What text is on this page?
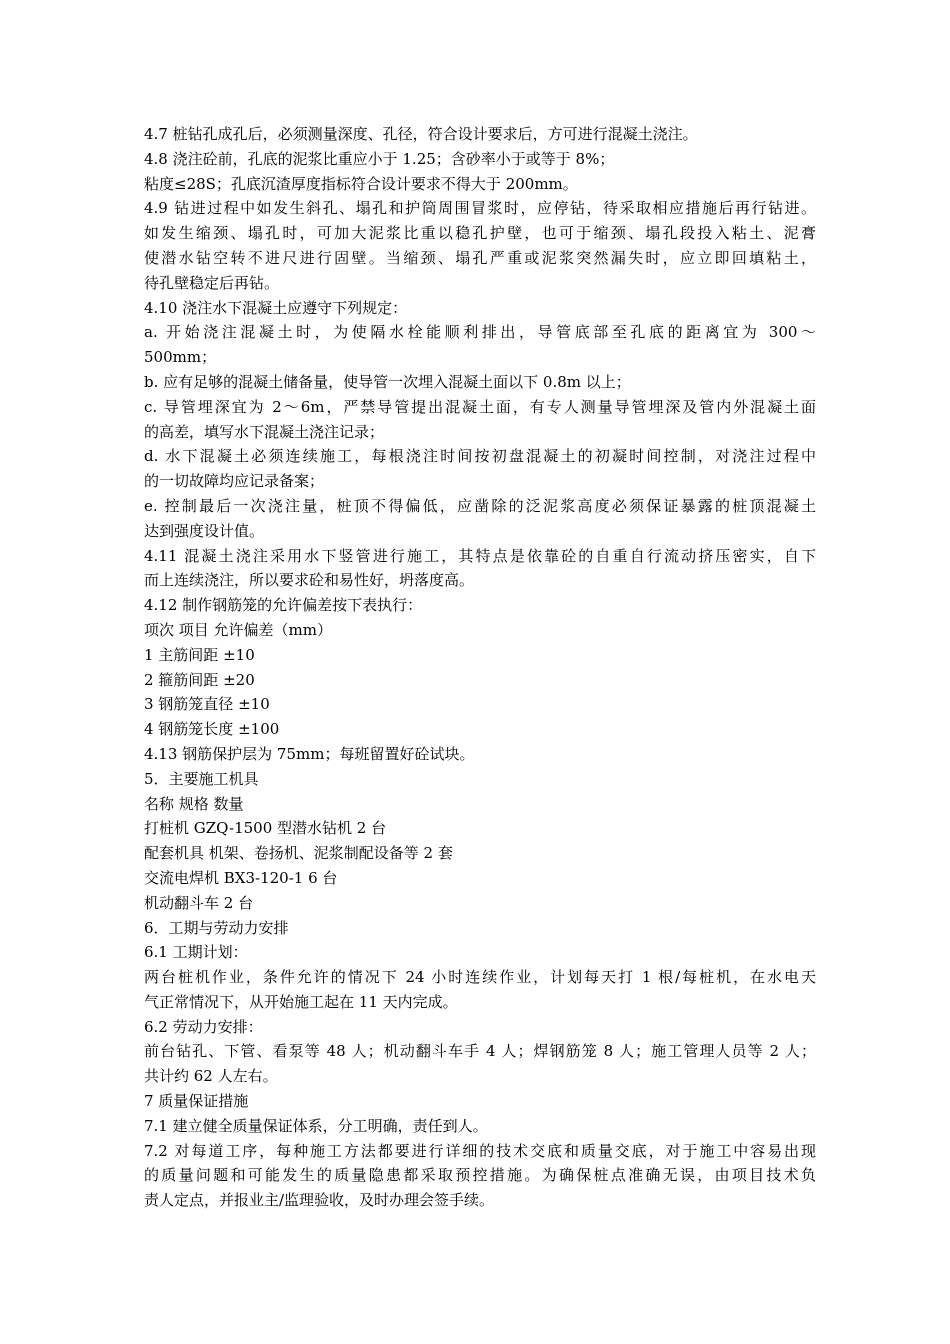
4.7 桩钻孔成孔后，必须测量深度、孔径，符合设计要求后，方可进行混凝土浇注。
4.8 浇注砼前，孔底的泥浆比重应小于 1.25；含砂率小于或等于 8%；
粘度≤28S；孔底沉渣厚度指标符合设计要求不得大于 200mm。
4.9 钻进过程中如发生斜孔、塌孔和护筒周围冒浆时，应停钻，待采取相应措施后再行钻进。
如发生缩颈、塌孔时，可加大泥浆比重以稳孔护壁，也可于缩颈、塌孔段投入粘土、泥膏
使潜水钻空转不进尺进行固壁。当缩颈、塌孔严重或泥浆突然漏失时，应立即回填粘土，
待孔壁稳定后再钻。
4.10 浇注水下混凝土应遵守下列规定：
a. 开始浇注混凝土时，为使隔水栓能顺利排出，导管底部至孔底的距离宜为 300～
500mm；
b. 应有足够的混凝土储备量，使导管一次埋入混凝土面以下 0.8m 以上；
c. 导管埋深宜为 2～6m，严禁导管提出混凝土面，有专人测量导管埋深及管内外混凝土面
的高差，填写水下混凝土浇注记录；
d. 水下混凝土必须连续施工，每根浇注时间按初盘混凝土的初凝时间控制，对浇注过程中
的一切故障均应记录备案；
e. 控制最后一次浇注量，桩顶不得偏低，应凿除的泛泥浆高度必须保证暴露的桩顶混凝土
达到强度设计值。
4.11 混凝土浇注采用水下竖管进行施工，其特点是依靠砼的自重自行流动挤压密实，自下
而上连续浇注，所以要求砼和易性好，坍落度高。
4.12 制作钢筋笼的允许偏差按下表执行：
项次 项目 允许偏差（mm）
1 主筋间距 ±10
2 箍筋间距 ±20
3 钢筋笼直径 ±10
4 钢筋笼长度 ±100
4.13 钢筋保护层为 75mm；每班留置好砼试块。
5．主要施工机具
名称 规格 数量
打桩机 GZQ-1500 型潜水钻机 2 台
配套机具 机架、卷扬机、泥浆制配设备等 2 套
交流电焊机 BX3-120-1 6 台
机动翻斗车 2 台
6．工期与劳动力安排
6.1 工期计划：
两台桩机作业，条件允许的情况下 24 小时连续作业，计划每天打 1 根/每桩机，在水电天
气正常情况下，从开始施工起在 11 天内完成。
6.2 劳动力安排：
前台钻孔、下管、看泵等 48 人；机动翻斗车手 4 人；焊钢筋笼 8 人；施工管理人员等 2 人；
共计约 62 人左右。
7 质量保证措施
7.1 建立健全质量保证体系，分工明确，责任到人。
7.2 对每道工序，每种施工方法都要进行详细的技术交底和质量交底，对于施工中容易出现
的质量问题和可能发生的质量隐患都采取预控措施。为确保桩点准确无误，由项目技术负
责人定点，并报业主/监理验收，及时办理会签手续。
